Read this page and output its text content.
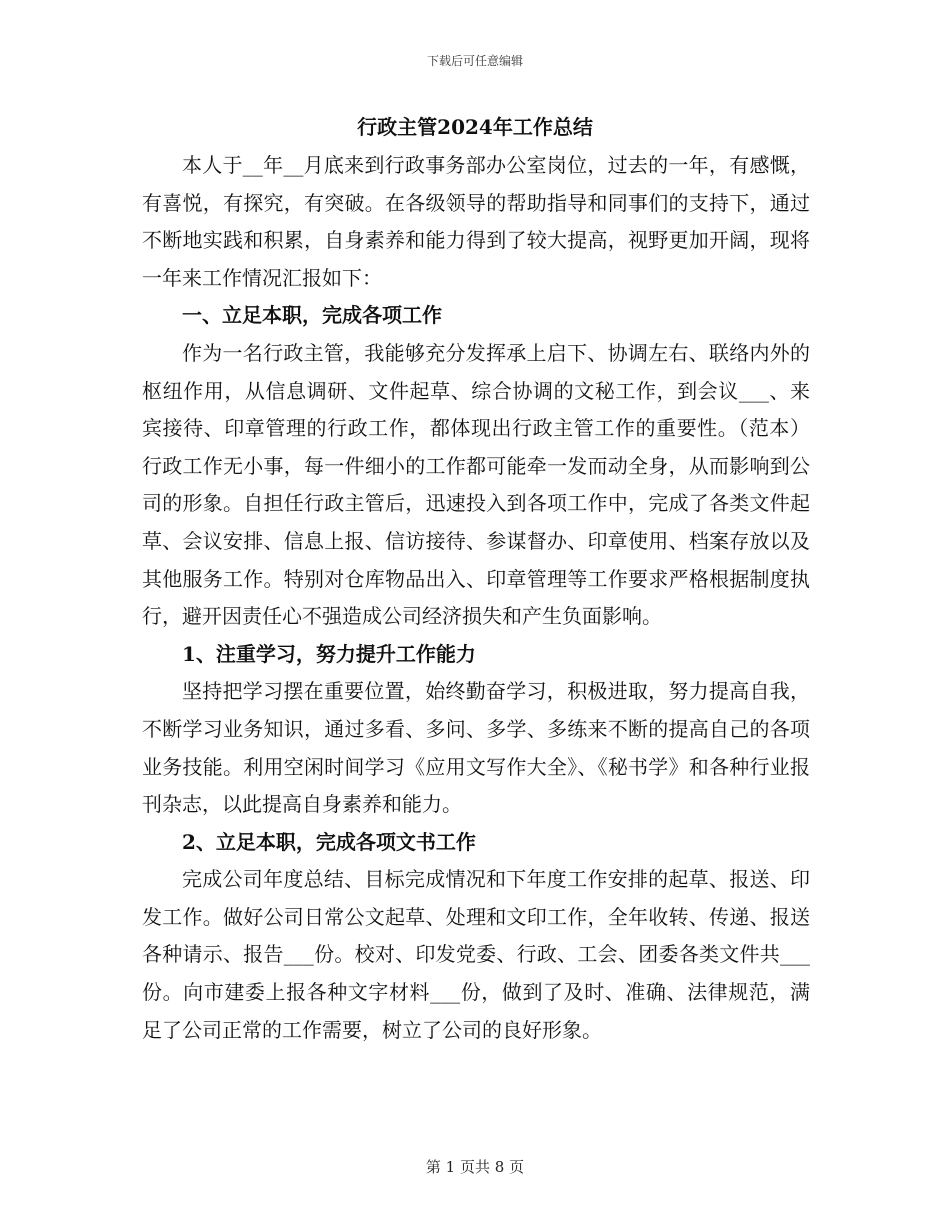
下载后可任意编辑
行政主管2024年工作总结

本人于__年__月底来到行政事务部办公室岗位，过去的一年，有感慨，有喜悦，有探究，有突破。在各级领导的帮助指导和同事们的支持下，通过不断地实践和积累，自身素养和能力得到了较大提高，视野更加开阔，现将一年来工作情况汇报如下：

一、立足本职，完成各项工作

作为一名行政主管，我能够充分发挥承上启下、协调左右、联络内外的枢纽作用，从信息调研、文件起草、综合协调的文秘工作，到会议___、来宾接待、印章管理的行政工作，都体现出行政主管工作的重要性。（范本）行政工作无小事，每一件细小的工作都可能牵一发而动全身，从而影响到公司的形象。自担任行政主管后，迅速投入到各项工作中，完成了各类文件起草、会议安排、信息上报、信访接待、参谋督办、印章使用、档案存放以及其他服务工作。特别对仓库物品出入、印章管理等工作要求严格根据制度执行，避开因责任心不强造成公司经济损失和产生负面影响。

1、注重学习，努力提升工作能力

坚持把学习摆在重要位置，始终勤奋学习，积极进取，努力提高自我，不断学习业务知识，通过多看、多问、多学、多练来不断的提高自己的各项业务技能。利用空闲时间学习《应用文写作大全》、《秘书学》和各种行业报刊杂志，以此提高自身素养和能力。

2、立足本职，完成各项文书工作

完成公司年度总结、目标完成情况和下年度工作安排的起草、报送、印发工作。做好公司日常公文起草、处理和文印工作，全年收转、传递、报送各种请示、报告___份。校对、印发党委、行政、工会、团委各类文件共___份。向市建委上报各种文字材料___份，做到了及时、准确、法律规范，满足了公司正常的工作需要，树立了公司的良好形象。

第 1 页共 8 页
